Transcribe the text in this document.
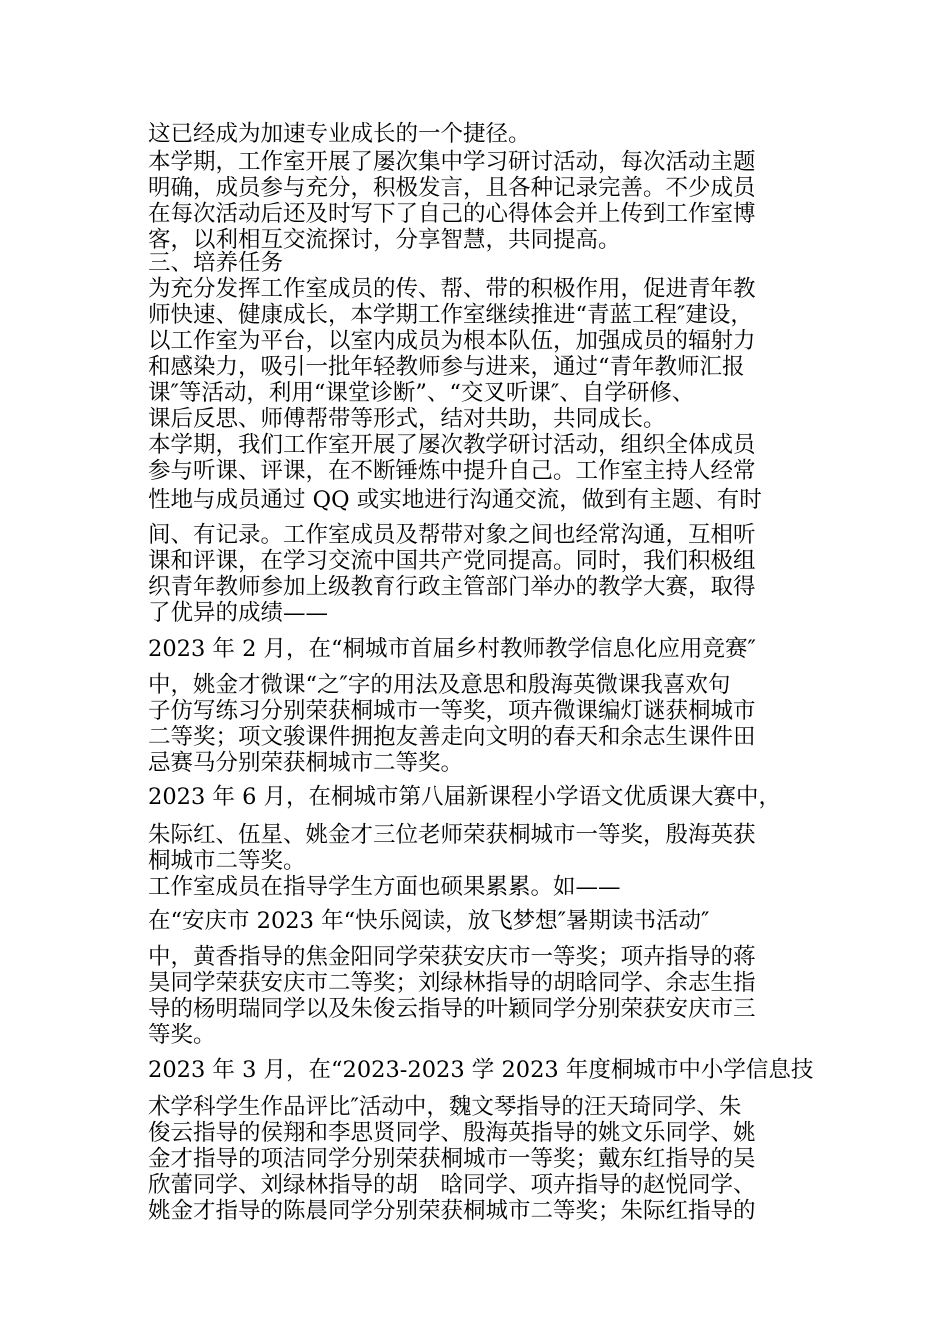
这已经成为加速专业成长的一个捷径。
本学期，工作室开展了屡次集中学习研讨活动，每次活动主题
明确，成员参与充分，积极发言，且各种记录完善。不少成员
在每次活动后还及时写下了自己的心得体会并上传到工作室博
客，以利相互交流探讨，分享智慧，共同提高。
三、培养任务
为充分发挥工作室成员的传、帮、带的积极作用，促进青年教
师快速、健康成长，本学期工作室继续推进“青蓝工程″建设，
以工作室为平台，以室内成员为根本队伍，加强成员的辐射力
和感染力，吸引一批年轻教师参与进来，通过“青年教师汇报
课″等活动，利用“课堂诊断”、“交叉听课″、自学研修、
课后反思、师傅帮带等形式，结对共助，共同成长。
本学期，我们工作室开展了屡次教学研讨活动，组织全体成员
参与听课、评课，在不断锤炼中提升自己。工作室主持人经常
性地与成员通过 QQ 或实地进行沟通交流，做到有主题、有时
间、有记录。工作室成员及帮带对象之间也经常沟通，互相听
课和评课，在学习交流中国共产党同提高。同时，我们积极组
织青年教师参加上级教育行政主管部门举办的教学大赛，取得
了优异的成绩——
2023 年 2 月，在“桐城市首届乡村教师教学信息化应用竞赛″
中，姚金才微课“之″字的用法及意思和殷海英微课我喜欢句
子仿写练习分别荣获桐城市一等奖，项卉微课编灯谜获桐城市
二等奖；项文骏课件拥抱友善走向文明的春天和余志生课件田
忌赛马分别荣获桐城市二等奖。
2023 年 6 月，在桐城市第八届新课程小学语文优质课大赛中，
朱际红、伍星、姚金才三位老师荣获桐城市一等奖，殷海英获
桐城市二等奖。
工作室成员在指导学生方面也硕果累累。如——
在“安庆市 2023 年“快乐阅读，放飞梦想″暑期读书活动″
中，黄香指导的焦金阳同学荣获安庆市一等奖；项卉指导的蒋
昊同学荣获安庆市二等奖；刘绿林指导的胡晗同学、余志生指
导的杨明瑞同学以及朱俊云指导的叶颖同学分别荣获安庆市三
等奖。
2023 年 3 月，在“2023-2023 学 2023 年度桐城市中小学信息技
术学科学生作品评比″活动中，魏文琴指导的汪天琦同学、朱
俊云指导的侯翔和李思贤同学、殷海英指导的姚文乐同学、姚
金才指导的项洁同学分别荣获桐城市一等奖；戴东红指导的吴
欣蕾同学、刘绿林指导的胡　晗同学、项卉指导的赵悦同学、
姚金才指导的陈晨同学分别荣获桐城市二等奖；朱际红指导的
